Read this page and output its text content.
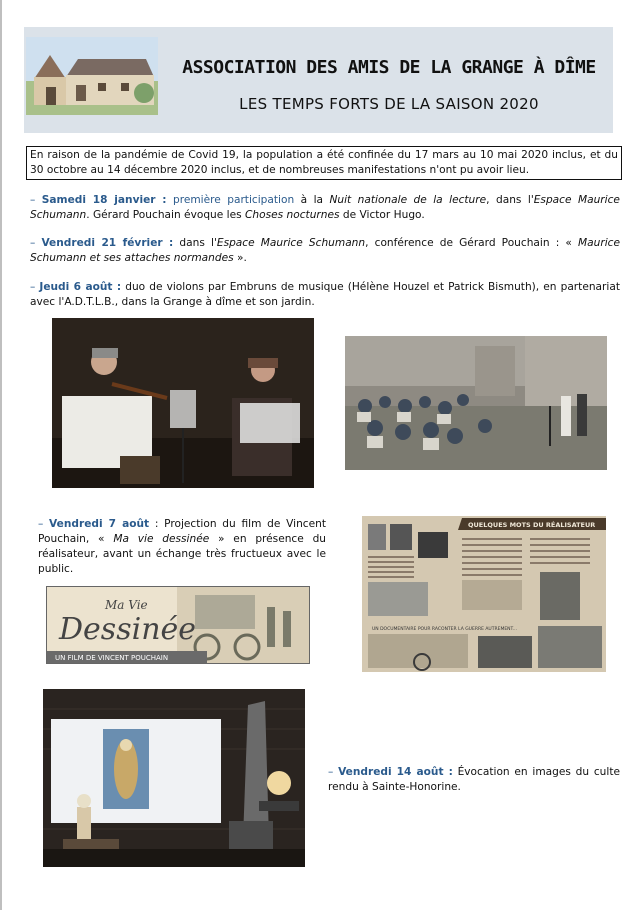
ASSOCIATION DES AMIS DE LA GRANGE À DÎME
LES TEMPS FORTS DE LA SAISON 2020
En raison de la pandémie de Covid 19, la population a été confinée du 17 mars au 10 mai 2020 inclus, et du 30 octobre au 14 décembre 2020 inclus, et de nombreuses manifestations n'ont pu avoir lieu.
– Samedi 18 janvier : première participation à la Nuit nationale de la lecture, dans l'Espace Maurice Schumann. Gérard Pouchain évoque les Choses nocturnes de Victor Hugo.
– Vendredi 21 février : dans l'Espace Maurice Schumann, conférence de Gérard Pouchain : « Maurice Schumann et ses attaches normandes ».
– Jeudi 6 août : duo de violons par Embruns de musique (Hélène Houzel et Patrick Bismuth), en partenariat avec l'A.D.T.L.B., dans la Grange à dîme et son jardin.
– Vendredi 7 août : Projection du film de Vincent Pouchain, « Ma vie dessinée » en présence du réalisateur, avant un échange très fructueux avec le public.
Ma Vie
Dessinée
UN FILM DE VINCENT POUCHAIN
QUELQUES MOTS DU RÉALISATEUR
UN DOCUMENTAIRE POUR RACONTER LA GUERRE AUTREMENT...
– Vendredi 14 août : Évocation en images du culte rendu à Sainte-Honorine.
